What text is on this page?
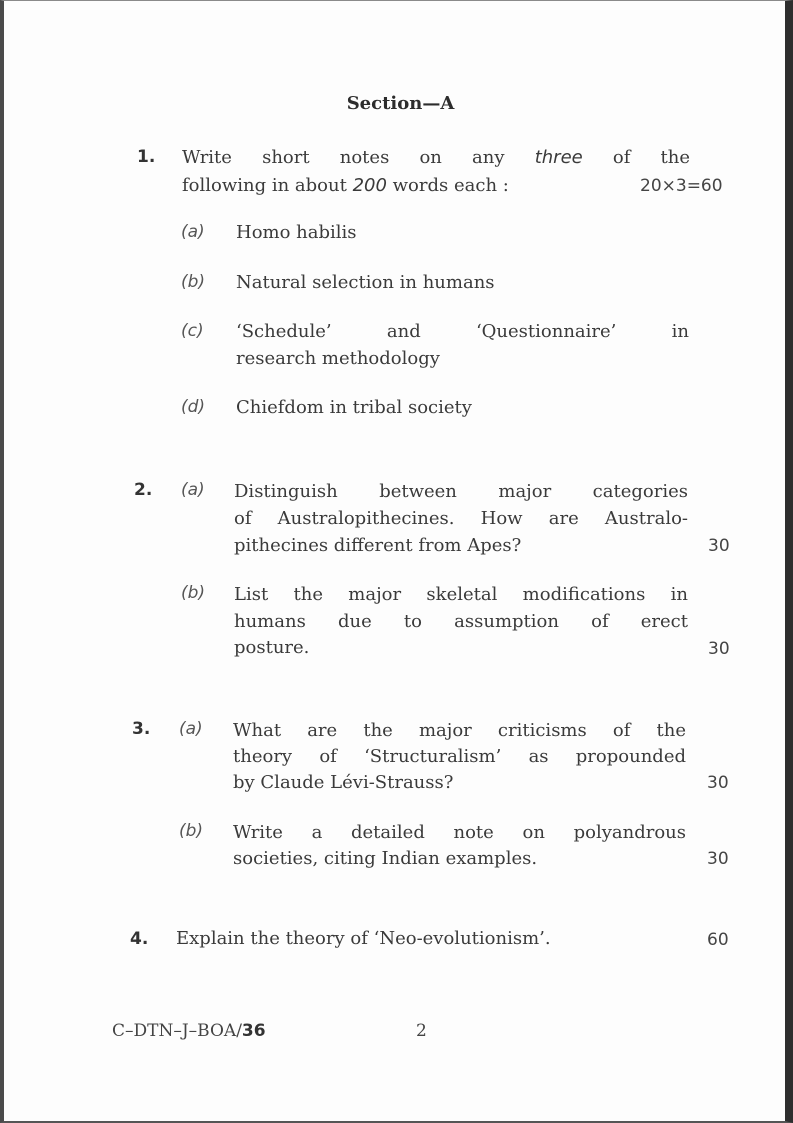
Section—A
1. Write short notes on any three of the
following in about 200 words each :	20×3=60
(a) Homo habilis
(b) Natural selection in humans
(c) ‘Schedule’ and ‘Questionnaire’ in
research methodology
(d) Chiefdom in tribal society
2. (a) Distinguish between major categories
of Australopithecines. How are Australo-
pithecines different from Apes?	30
(b) List the major skeletal modifications in
humans due to assumption of erect
posture.	30
3. (a) What are the major criticisms of the
theory of ‘Structuralism’ as propounded
by Claude Lévi-Strauss?	30
(b) Write a detailed note on polyandrous
societies, citing Indian examples.	30
4. Explain the theory of ‘Neo-evolutionism’.	60
C–DTN–J–BOA/36	2
